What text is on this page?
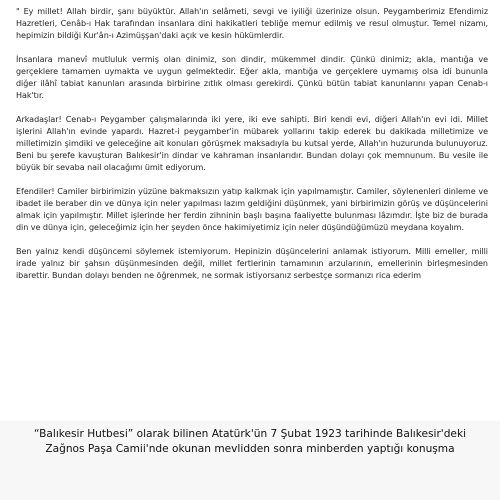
" Ey millet! Allah birdir, şanı büyüktür. Allah'ın selâmeti, sevgi ve iyiliği üzerinize olsun. Peygamberimiz Efendimiz Hazretleri, Cenâb-ı Hak tarafından insanlara dini hakikatleri tebliğe memur edilmiş ve resul olmuştur. Temel nizamı, hepimizin bildiği Kur'ân-ı Azimüşşan'daki açık ve kesin hükümlerdir.

İnsanlara manevî mutluluk vermiş olan dinimiz, son dindir, mükemmel dindir. Çünkü dinimiz; akla, mantığa ve gerçeklere tamamen uymakta ve uygun gelmektedir. Eğer akla, mantığa ve gerçeklere uymamış olsa idi bununla diğer ilâhî tabiat kanunları arasında birbirine zıtlık olması gerekirdi. Çünkü bütün tabiat kanunlarını yapan Cenab-ı Hak'tır.

Arkadaşlar! Cenab-ı Peygamber çalışmalarında iki yere, iki eve sahipti. Biri kendi evi, diğeri Allah'ın evi idi. Millet işlerini Allah'ın evinde yapardı. Hazret-i peygamber'in mübarek yollarını takip ederek bu dakikada milletimize ve milletimizin şimdiki ve geleceğine ait konuları görüşmek maksadıyla bu kutsal yerde, Allah'ın huzurunda bulunuyoruz. Beni bu şerefe kavuşturan Balıkesir'in dindar ve kahraman insanlarıdır. Bundan dolayı çok memnunum. Bu vesile ile büyük bir sevaba nail olacağımı ümit ediyorum.

Efendiler! Camiler birbirimizin yüzüne bakmaksızın yatıp kalkmak için yapılmamıştır. Camiler, söylenenleri dinleme ve ibadet ile beraber din ve dünya için neler yapılması lazım geldiğini düşünmek, yani birbirimizin görüş ve düşüncelerini almak için yapılmıştır. Millet işlerinde her ferdin zihninin başlı başına faaliyette bulunması lâzımdır. İşte biz de burada din ve dünya için, geleceğimiz için her şeyden önce hakimiyetimiz için neler düşündüğümüzü meydana koyalım.

Ben yalnız kendi düşüncemi söylemek istemiyorum. Hepinizin düşüncelerini anlamak istiyorum. Milli emeller, milli irade yalnız bir şahsın düşünmesinden değil, millet fertlerinin tamamının arzularının, emellerinin birleşmesinden ibarettir. Bundan dolayı benden ne öğrenmek, ne sormak istiyorsanız serbestçe sormanızı rica ederim

“Balıkesir Hutbesi” olarak bilinen Atatürk'ün 7 Şubat 1923 tarihinde Balıkesir'deki Zağnos Paşa Camii'nde okunan mevlidden sonra minberden yaptığı konuşma
